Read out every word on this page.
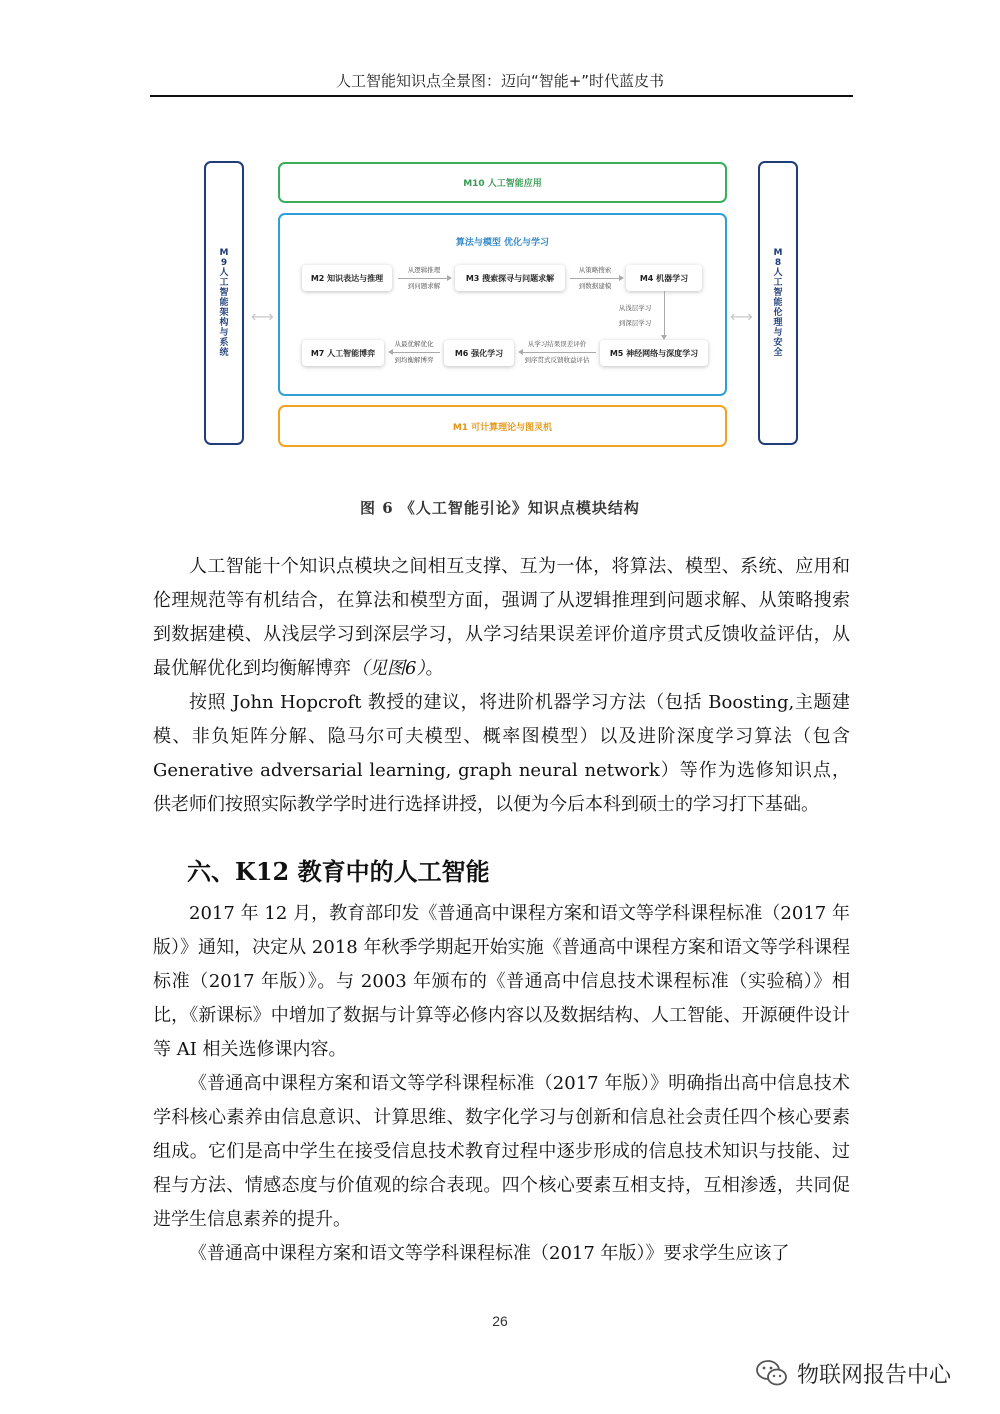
人工智能知识点全景图：迈向“智能+”时代蓝皮书
M
9
人
工
智
能
架
构
与
系
统
⟷
M
8
人
工
智
能
伦
理
与
安
全
⟷
M10 人工智能应用
算法与模型 优化与学习
M2 知识表达与推理	M3 搜索探寻与问题求解	M4 机器学习
从逻辑推理
到问题求解
从策略搜索
到数据建模
从浅层学习
到深层学习
M7 人工智能博弈	M6 强化学习	M5 神经网络与深度学习
从学习结果误差评价
到序贯式反馈收益评估
从最优解优化
到均衡解博弈
M1 可计算理论与图灵机
图 6 《人工智能引论》知识点模块结构

人工智能十个知识点模块之间相互支撑、互为一体，将算法、模型、系统、应用和伦理规范等有机结合，在算法和模型方面，强调了从逻辑推理到问题求解、从策略搜索到数据建模、从浅层学习到深层学习，从学习结果误差评价道序贯式反馈收益评估，从最优解优化到均衡解博弈（见图6）。

按照 John Hopcroft 教授的建议，将进阶机器学习方法（包括 Boosting,主题建模、非负矩阵分解、隐马尔可夫模型、概率图模型）以及进阶深度学习算法（包含 Generative adversarial learning, graph neural network）等作为选修知识点，供老师们按照实际教学学时进行选择讲授，以便为今后本科到硕士的学习打下基础。

六、K12 教育中的人工智能

2017 年 12 月，教育部印发《普通高中课程方案和语文等学科课程标准（2017 年版）》通知，决定从 2018 年秋季学期起开始实施《普通高中课程方案和语文等学科课程标准（2017 年版）》。与 2003 年颁布的《普通高中信息技术课程标准（实验稿）》相比，《新课标》中增加了数据与计算等必修内容以及数据结构、人工智能、开源硬件设计等 AI 相关选修课内容。

《普通高中课程方案和语文等学科课程标准（2017 年版）》明确指出高中信息技术学科核心素养由信息意识、计算思维、数字化学习与创新和信息社会责任四个核心要素组成。它们是高中学生在接受信息技术教育过程中逐步形成的信息技术知识与技能、过程与方法、情感态度与价值观的综合表现。四个核心要素互相支持，互相渗透，共同促进学生信息素养的提升。

《普通高中课程方案和语文等学科课程标准（2017 年版）》要求学生应该了

26
物联网报告中心
